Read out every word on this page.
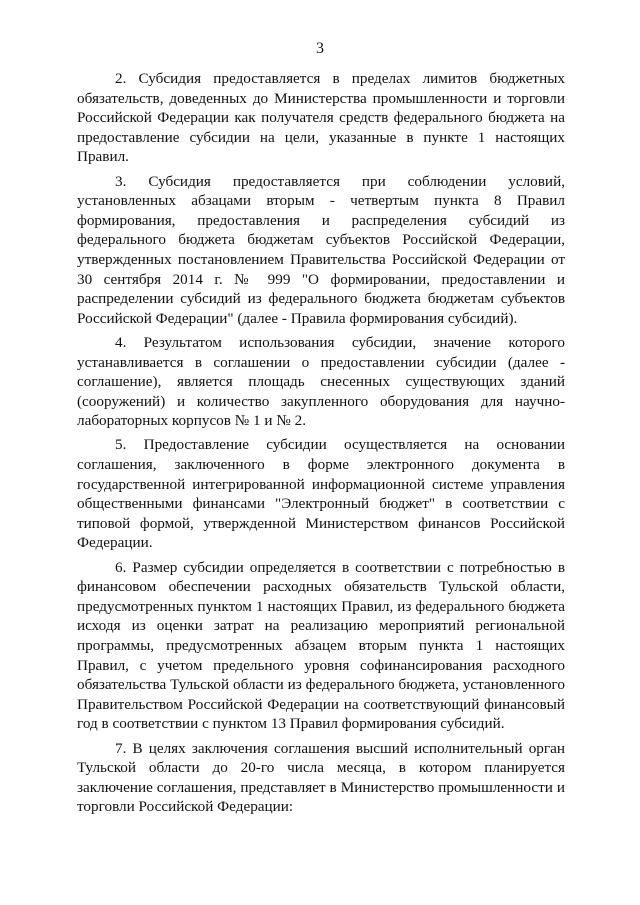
3

2. Субсидия предоставляется в пределах лимитов бюджетных обязательств, доведенных до Министерства промышленности и торговли Российской Федерации как получателя средств федерального бюджета на предоставление субсидии на цели, указанные в пункте 1 настоящих Правил.

3. Субсидия предоставляется при соблюдении условий, установленных абзацами вторым - четвертым пункта 8 Правил формирования, предоставления и распределения субсидий из федерального бюджета бюджетам субъектов Российской Федерации, утвержденных постановлением Правительства Российской Федерации от 30 сентября 2014 г. № 999 "О формировании, предоставлении и распределении субсидий из федерального бюджета бюджетам субъектов Российской Федерации" (далее - Правила формирования субсидий).

4. Результатом использования субсидии, значение которого устанавливается в соглашении о предоставлении субсидии (далее - соглашение), является площадь снесенных существующих зданий (сооружений) и количество закупленного оборудования для научно-лабораторных корпусов № 1 и № 2.

5. Предоставление субсидии осуществляется на основании соглашения, заключенного в форме электронного документа в государственной интегрированной информационной системе управления общественными финансами "Электронный бюджет" в соответствии с типовой формой, утвержденной Министерством финансов Российской Федерации.

6. Размер субсидии определяется в соответствии с потребностью в финансовом обеспечении расходных обязательств Тульской области, предусмотренных пунктом 1 настоящих Правил, из федерального бюджета исходя из оценки затрат на реализацию мероприятий региональной программы, предусмотренных абзацем вторым пункта 1 настоящих Правил, с учетом предельного уровня софинансирования расходного обязательства Тульской области из федерального бюджета, установленного Правительством Российской Федерации на соответствующий финансовый год в соответствии с пунктом 13 Правил формирования субсидий.

7. В целях заключения соглашения высший исполнительный орган Тульской области до 20-го числа месяца, в котором планируется заключение соглашения, представляет в Министерство промышленности и торговли Российской Федерации:
